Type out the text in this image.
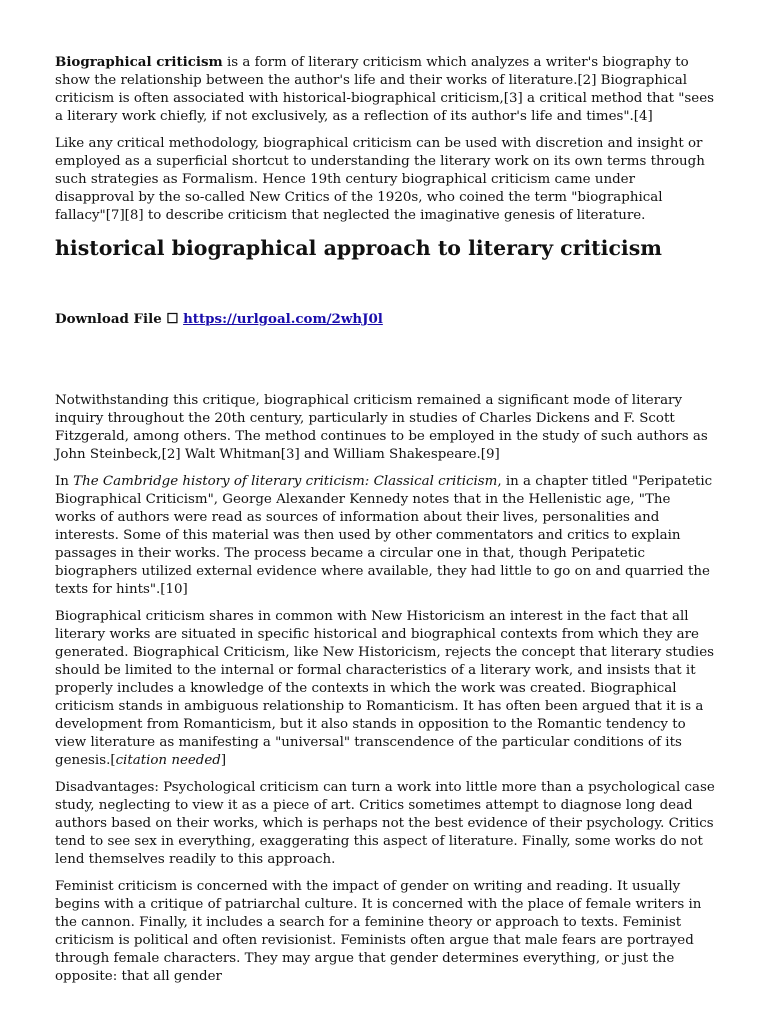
Biographical criticism is a form of literary criticism which analyzes a writer's biography to show the relationship between the author's life and their works of literature.[2] Biographical criticism is often associated with historical-biographical criticism,[3] a critical method that "sees a literary work chiefly, if not exclusively, as a reflection of its author's life and times".[4]

Like any critical methodology, biographical criticism can be used with discretion and insight or employed as a superficial shortcut to understanding the literary work on its own terms through such strategies as Formalism. Hence 19th century biographical criticism came under disapproval by the so-called New Critics of the 1920s, who coined the term "biographical fallacy"[7][8] to describe criticism that neglected the imaginative genesis of literature.

historical biographical approach to literary criticism

Download File ☐ https://urlgoal.com/2whJ0l

Notwithstanding this critique, biographical criticism remained a significant mode of literary inquiry throughout the 20th century, particularly in studies of Charles Dickens and F. Scott Fitzgerald, among others. The method continues to be employed in the study of such authors as John Steinbeck,[2] Walt Whitman[3] and William Shakespeare.[9]

In The Cambridge history of literary criticism: Classical criticism, in a chapter titled "Peripatetic Biographical Criticism", George Alexander Kennedy notes that in the Hellenistic age, "The works of authors were read as sources of information about their lives, personalities and interests. Some of this material was then used by other commentators and critics to explain passages in their works. The process became a circular one in that, though Peripatetic biographers utilized external evidence where available, they had little to go on and quarried the texts for hints".[10]

Biographical criticism shares in common with New Historicism an interest in the fact that all literary works are situated in specific historical and biographical contexts from which they are generated. Biographical Criticism, like New Historicism, rejects the concept that literary studies should be limited to the internal or formal characteristics of a literary work, and insists that it properly includes a knowledge of the contexts in which the work was created. Biographical criticism stands in ambiguous relationship to Romanticism. It has often been argued that it is a development from Romanticism, but it also stands in opposition to the Romantic tendency to view literature as manifesting a "universal" transcendence of the particular conditions of its genesis.[citation needed]

Disadvantages: Psychological criticism can turn a work into little more than a psychological case study, neglecting to view it as a piece of art. Critics sometimes attempt to diagnose long dead authors based on their works, which is perhaps not the best evidence of their psychology. Critics tend to see sex in everything, exaggerating this aspect of literature. Finally, some works do not lend themselves readily to this approach.

Feminist criticism is concerned with the impact of gender on writing and reading. It usually begins with a critique of patriarchal culture. It is concerned with the place of female writers in the cannon. Finally, it includes a search for a feminine theory or approach to texts. Feminist criticism is political and often revisionist. Feminists often argue that male fears are portrayed through female characters. They may argue that gender determines everything, or just the opposite: that all gender
